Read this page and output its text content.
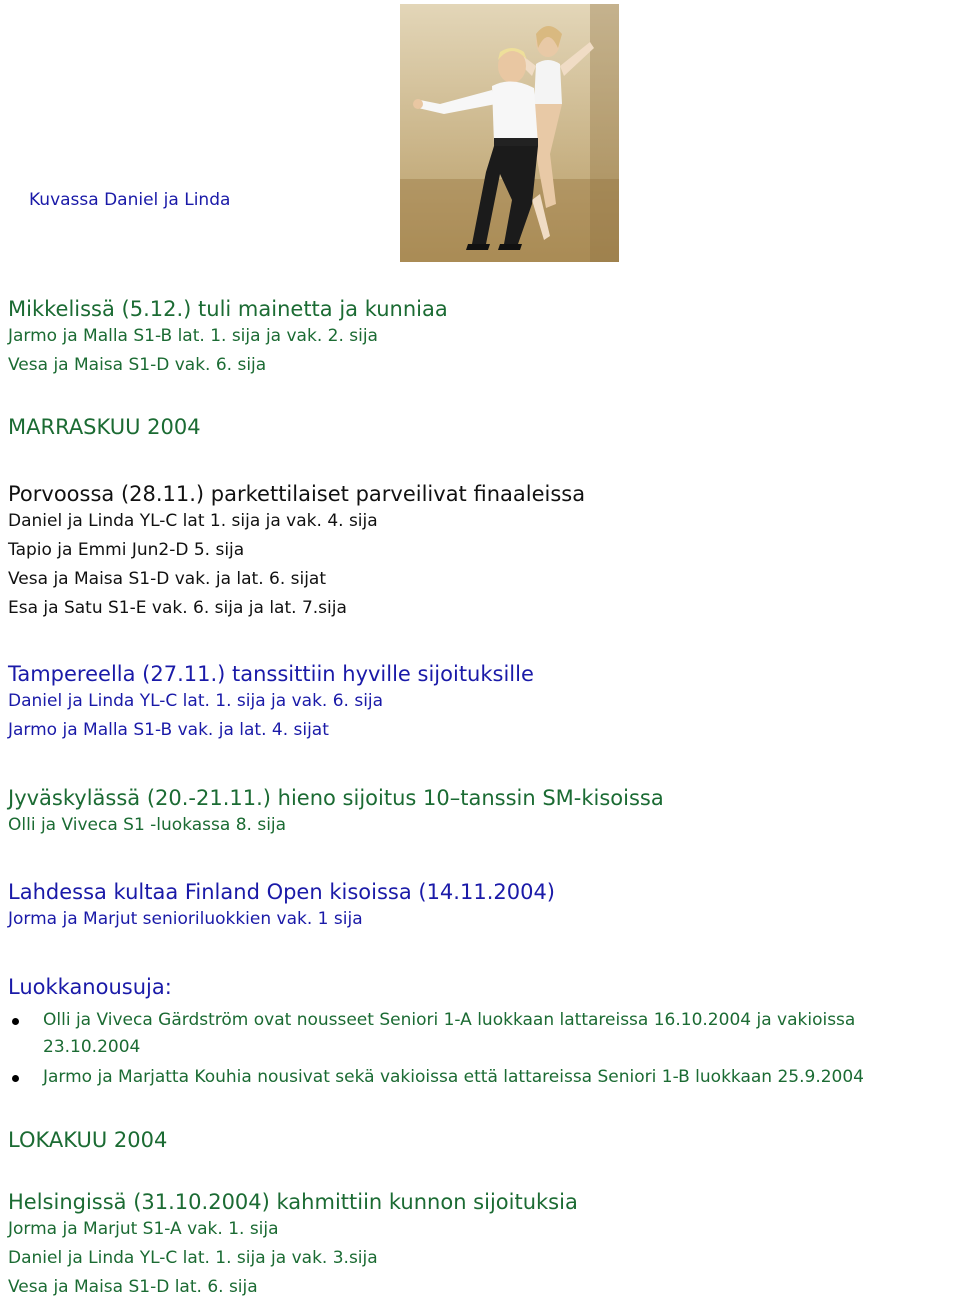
Kuvassa Daniel ja Linda
Mikkelissä (5.12.) tuli mainetta ja kunniaa
Jarmo ja Malla S1-B lat. 1. sija ja vak. 2. sija
Vesa ja Maisa S1-D vak. 6. sija
MARRASKUU 2004
Porvoossa (28.11.) parkettilaiset parveilivat finaaleissa
Daniel ja Linda YL-C lat 1. sija ja vak. 4. sija
Tapio ja Emmi Jun2-D 5. sija
Vesa ja Maisa S1-D vak. ja lat. 6. sijat
Esa ja Satu S1-E vak. 6. sija ja lat. 7.sija
Tampereella (27.11.) tanssittiin hyville sijoituksille
Daniel ja Linda YL-C lat. 1. sija ja vak. 6. sija
Jarmo ja Malla S1-B vak. ja lat. 4. sijat
Jyväskylässä (20.-21.11.) hieno sijoitus 10–tanssin SM-kisoissa
Olli ja Viveca S1 -luokassa 8. sija
Lahdessa kultaa Finland Open kisoissa (14.11.2004)
Jorma ja Marjut senioriluokkien vak. 1 sija
Luokkanousuja:
Olli ja Viveca Gärdström ovat nousseet Seniori 1-A luokkaan lattareissa 16.10.2004 ja vakioissa 23.10.2004
Jarmo ja Marjatta Kouhia nousivat sekä vakioissa että lattareissa Seniori 1-B luokkaan 25.9.2004
LOKAKUU 2004
Helsingissä (31.10.2004) kahmittiin kunnon sijoituksia
Jorma ja Marjut S1-A vak. 1. sija
Daniel ja Linda YL-C lat. 1. sija ja vak. 3.sija
Vesa ja Maisa S1-D lat. 6. sija
